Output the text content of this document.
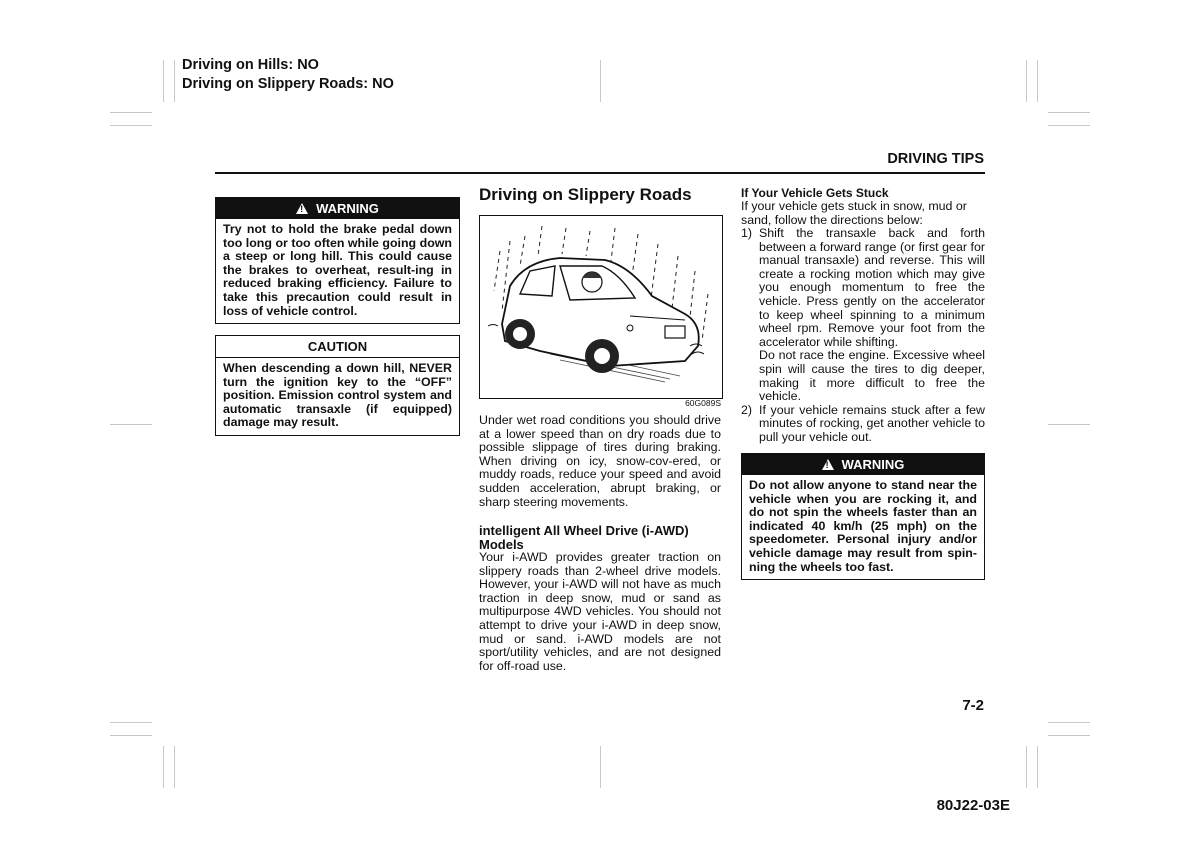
Driving on Hills: NO
Driving on Slippery Roads: NO
DRIVING TIPS
!WARNING
Try not to hold the brake pedal down too long or too often while going down a steep or long hill. This could cause the brakes to overheat, result-ing in reduced braking efficiency. Failure to take this precaution could result in loss of vehicle control.
CAUTION
When descending a down hill, NEVER turn the ignition key to the “OFF” position. Emission control system and automatic transaxle (if equipped) damage may result.
Driving on Slippery Roads
60G089S
Under wet road conditions you should drive at a lower speed than on dry roads due to possible slippage of tires during braking. When driving on icy, snow-cov-ered, or muddy roads, reduce your speed and avoid sudden acceleration, abrupt braking, or sharp steering movements.
intelligent All Wheel Drive (i-AWD) Models
Your i-AWD provides greater traction on slippery roads than 2-wheel drive models. However, your i-AWD will not have as much traction in deep snow, mud or sand as multipurpose 4WD vehicles. You should not attempt to drive your i-AWD in deep snow, mud or sand. i-AWD models are not sport/utility vehicles, and are not designed for off-road use.
If Your Vehicle Gets Stuck
If your vehicle gets stuck in snow, mud or sand, follow the directions below:
1) Shift the transaxle back and forth between a forward range (or first gear for manual transaxle) and reverse. This will create a rocking motion which may give you enough momentum to free the vehicle. Press gently on the accelerator to keep wheel spinning to a minimum wheel rpm. Remove your foot from the accelerator while shifting.
Do not race the engine. Excessive wheel spin will cause the tires to dig deeper, making it more difficult to free the vehicle.
2) If your vehicle remains stuck after a few minutes of rocking, get another vehicle to pull your vehicle out.
!WARNING
Do not allow anyone to stand near the vehicle when you are rocking it, and do not spin the wheels faster than an indicated 40 km/h (25 mph) on the speedometer. Personal injury and/or vehicle damage may result from spin-ning the wheels too fast.
7-2
80J22-03E
